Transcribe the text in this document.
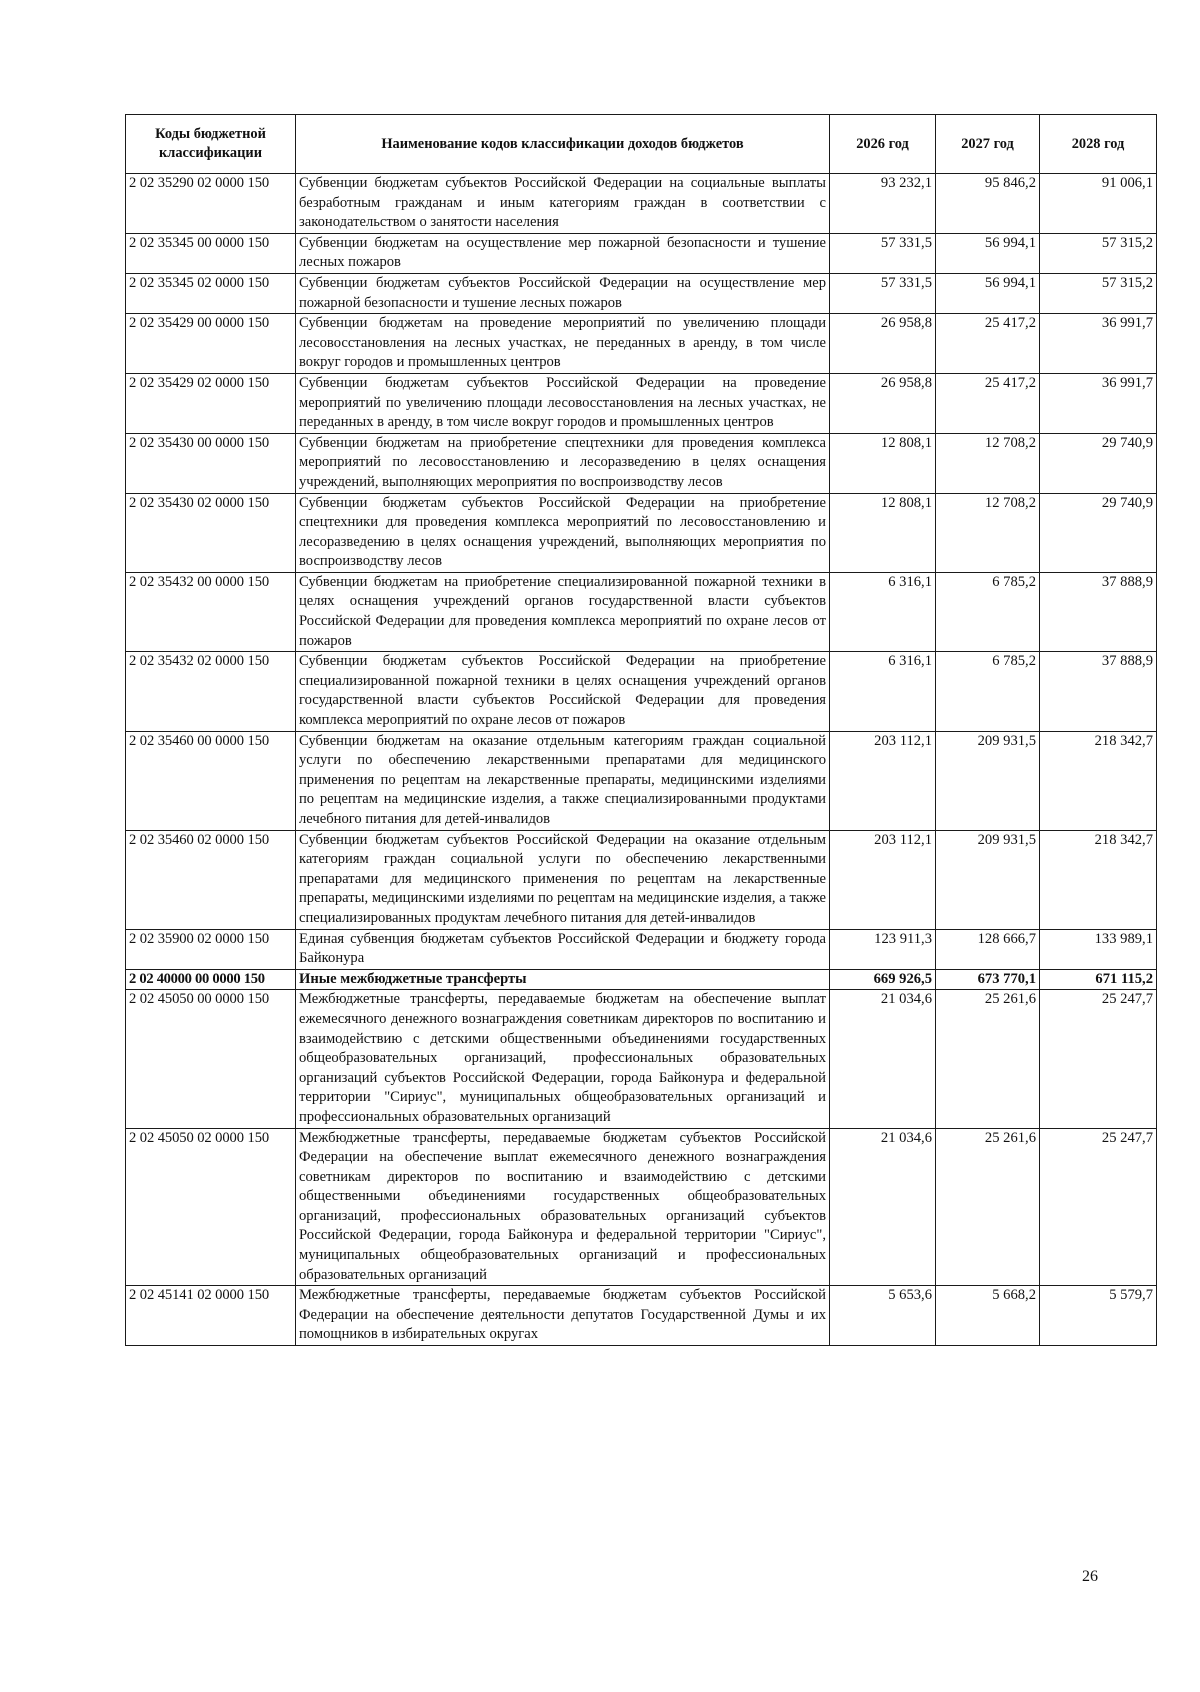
Коды бюджетной классификации	Наименование кодов классификации доходов бюджетов	2026 год	2027 год	2028 год
2 02 35290 02 0000 150	Субвенции бюджетам субъектов Российской Федерации на социальные выплаты безработным гражданам и иным категориям граждан в соответствии с законодательством о занятости населения	93 232,1	95 846,2	91 006,1
2 02 35345 00 0000 150	Субвенции бюджетам на осуществление мер пожарной безопасности и тушение лесных пожаров	57 331,5	56 994,1	57 315,2
2 02 35345 02 0000 150	Субвенции бюджетам субъектов Российской Федерации на осуществление мер пожарной безопасности и тушение лесных пожаров	57 331,5	56 994,1	57 315,2
2 02 35429 00 0000 150	Субвенции бюджетам на проведение мероприятий по увеличению площади лесовосстановления на лесных участках, не переданных в аренду, в том числе вокруг городов и промышленных центров	26 958,8	25 417,2	36 991,7
2 02 35429 02 0000 150	Субвенции бюджетам субъектов Российской Федерации на проведение мероприятий по увеличению площади лесовосстановления на лесных участках, не переданных в аренду, в том числе вокруг городов и промышленных центров	26 958,8	25 417,2	36 991,7
2 02 35430 00 0000 150	Субвенции бюджетам на приобретение спецтехники для проведения комплекса мероприятий по лесовосстановлению и лесоразведению в целях оснащения учреждений, выполняющих мероприятия по воспроизводству лесов	12 808,1	12 708,2	29 740,9
2 02 35430 02 0000 150	Субвенции бюджетам субъектов Российской Федерации на приобретение спецтехники для проведения комплекса мероприятий по лесовосстановлению и лесоразведению в целях оснащения учреждений, выполняющих мероприятия по воспроизводству лесов	12 808,1	12 708,2	29 740,9
2 02 35432 00 0000 150	Субвенции бюджетам на приобретение специализированной пожарной техники в целях оснащения учреждений органов государственной власти субъектов Российской Федерации для проведения комплекса мероприятий по охране лесов от пожаров	6 316,1	6 785,2	37 888,9
2 02 35432 02 0000 150	Субвенции бюджетам субъектов Российской Федерации на приобретение специализированной пожарной техники в целях оснащения учреждений органов государственной власти субъектов Российской Федерации для проведения комплекса мероприятий по охране лесов от пожаров	6 316,1	6 785,2	37 888,9
2 02 35460 00 0000 150	Субвенции бюджетам на оказание отдельным категориям граждан социальной услуги по обеспечению лекарственными препаратами для медицинского применения по рецептам на лекарственные препараты, медицинскими изделиями по рецептам на медицинские изделия, а также специализированными продуктами лечебного питания для детей-инвалидов	203 112,1	209 931,5	218 342,7
2 02 35460 02 0000 150	Субвенции бюджетам субъектов Российской Федерации на оказание отдельным категориям граждан социальной услуги по обеспечению лекарственными препаратами для медицинского применения по рецептам на лекарственные препараты, медицинскими изделиями по рецептам на медицинские изделия, а также специализированных продуктам лечебного питания для детей-инвалидов	203 112,1	209 931,5	218 342,7
2 02 35900 02 0000 150	Единая субвенция бюджетам субъектов Российской Федерации и бюджету города Байконура	123 911,3	128 666,7	133 989,1
2 02 40000 00 0000 150	Иные межбюджетные трансферты	669 926,5	673 770,1	671 115,2
2 02 45050 00 0000 150	Межбюджетные трансферты, передаваемые бюджетам на обеспечение выплат ежемесячного денежного вознаграждения советникам директоров по воспитанию и взаимодействию с детскими общественными объединениями государственных общеобразовательных организаций, профессиональных образовательных организаций субъектов Российской Федерации, города Байконура и федеральной территории "Сириус", муниципальных общеобразовательных организаций и профессиональных образовательных организаций	21 034,6	25 261,6	25 247,7
2 02 45050 02 0000 150	Межбюджетные трансферты, передаваемые бюджетам субъектов Российской Федерации на обеспечение выплат ежемесячного денежного вознаграждения советникам директоров по воспитанию и взаимодействию с детскими общественными объединениями государственных общеобразовательных организаций, профессиональных образовательных организаций субъектов Российской Федерации, города Байконура и федеральной территории "Сириус", муниципальных общеобразовательных организаций и профессиональных образовательных организаций	21 034,6	25 261,6	25 247,7
2 02 45141 02 0000 150	Межбюджетные трансферты, передаваемые бюджетам субъектов Российской Федерации на обеспечение деятельности депутатов Государственной Думы и их помощников в избирательных округах	5 653,6	5 668,2	5 579,7
26
